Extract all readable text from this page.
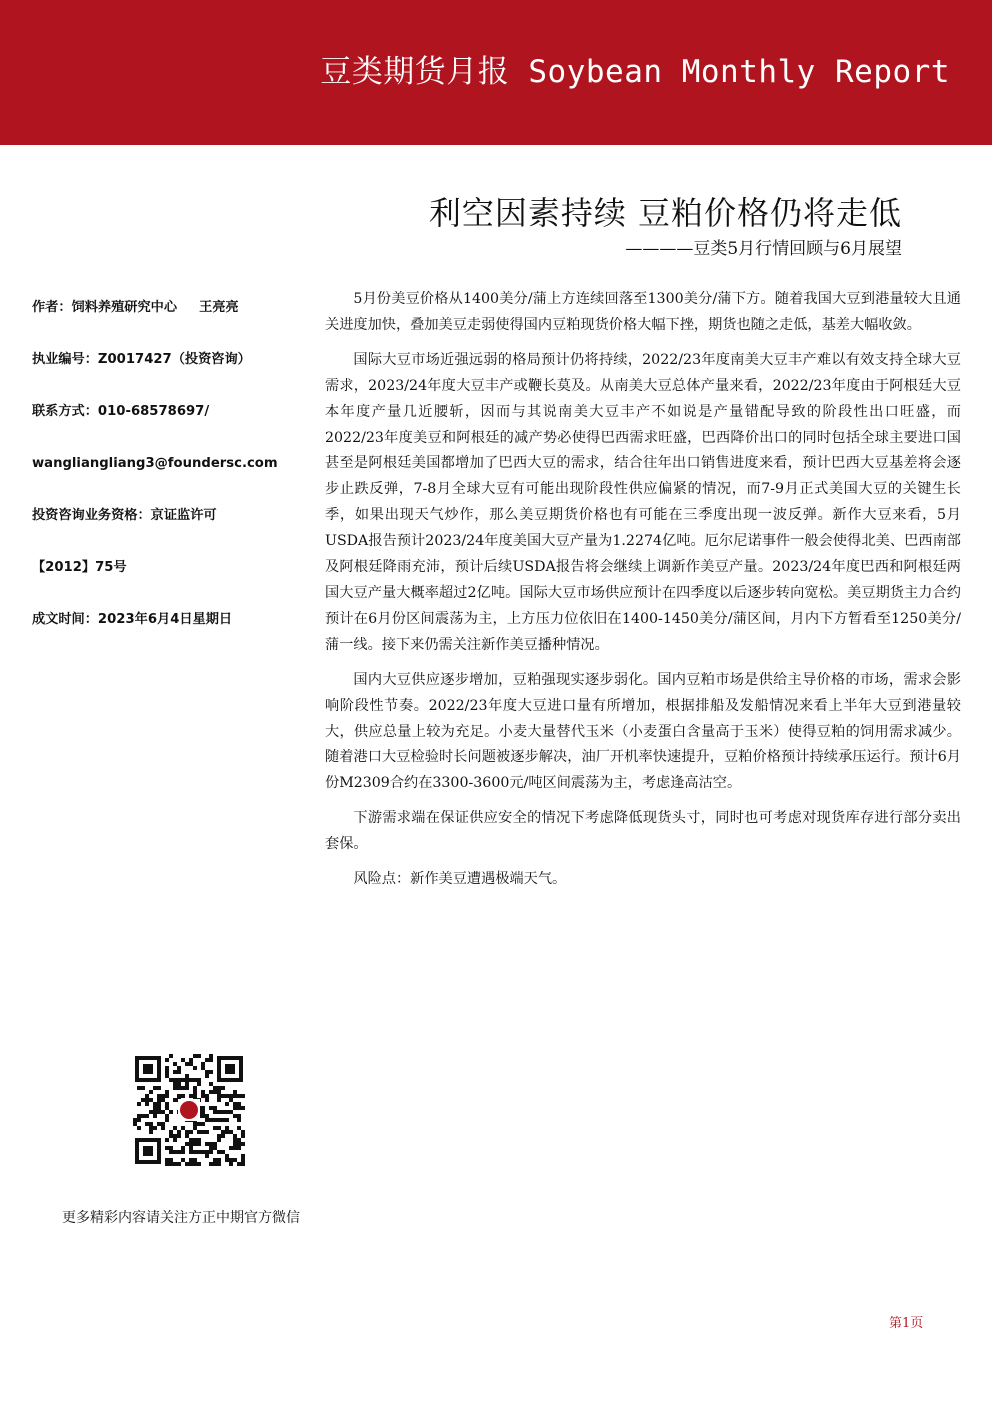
豆类期货月报 Soybean Monthly Report
利空因素持续 豆粕价格仍将走低
————豆类5月行情回顾与6月展望
作者：饲料养殖研究中心 王亮亮
执业编号：Z0017427（投资咨询）
联系方式：010-68578697/
wangliangliang3@foundersc.com
投资咨询业务资格：京证监许可
【2012】75号
成文时间：2023年6月4日星期日
更多精彩内容请关注方正中期官方微信

5月份美豆价格从1400美分/蒲上方连续回落至1300美分/蒲下方。随着我国大豆到港量较大且通关进度加快，叠加美豆走弱使得国内豆粕现货价格大幅下挫，期货也随之走低，基差大幅收敛。

国际大豆市场近强远弱的格局预计仍将持续，2022/23年度南美大豆丰产难以有效支持全球大豆需求，2023/24年度大豆丰产或鞭长莫及。从南美大豆总体产量来看，2022/23年度由于阿根廷大豆本年度产量几近腰斩，因而与其说南美大豆丰产不如说是产量错配导致的阶段性出口旺盛，而2022/23年度美豆和阿根廷的减产势必使得巴西需求旺盛，巴西降价出口的同时包括全球主要进口国甚至是阿根廷美国都增加了巴西大豆的需求，结合往年出口销售进度来看，预计巴西大豆基差将会逐步止跌反弹，7-8月全球大豆有可能出现阶段性供应偏紧的情况，而7-9月正式美国大豆的关键生长季，如果出现天气炒作，那么美豆期货价格也有可能在三季度出现一波反弹。新作大豆来看，5月USDA报告预计2023/24年度美国大豆产量为1.2274亿吨。厄尔尼诺事件一般会使得北美、巴西南部及阿根廷降雨充沛，预计后续USDA报告将会继续上调新作美豆产量。2023/24年度巴西和阿根廷两国大豆产量大概率超过2亿吨。国际大豆市场供应预计在四季度以后逐步转向宽松。美豆期货主力合约预计在6月份区间震荡为主，上方压力位依旧在1400-1450美分/蒲区间，月内下方暂看至1250美分/蒲一线。接下来仍需关注新作美豆播种情况。

国内大豆供应逐步增加，豆粕强现实逐步弱化。国内豆粕市场是供给主导价格的市场，需求会影响阶段性节奏。2022/23年度大豆进口量有所增加，根据排船及发船情况来看上半年大豆到港量较大，供应总量上较为充足。小麦大量替代玉米（小麦蛋白含量高于玉米）使得豆粕的饲用需求减少。随着港口大豆检验时长问题被逐步解决，油厂开机率快速提升，豆粕价格预计持续承压运行。预计6月份M2309合约在3300-3600元/吨区间震荡为主，考虑逢高沽空。

下游需求端在保证供应安全的情况下考虑降低现货头寸，同时也可考虑对现货库存进行部分卖出套保。

风险点：新作美豆遭遇极端天气。

第1页
